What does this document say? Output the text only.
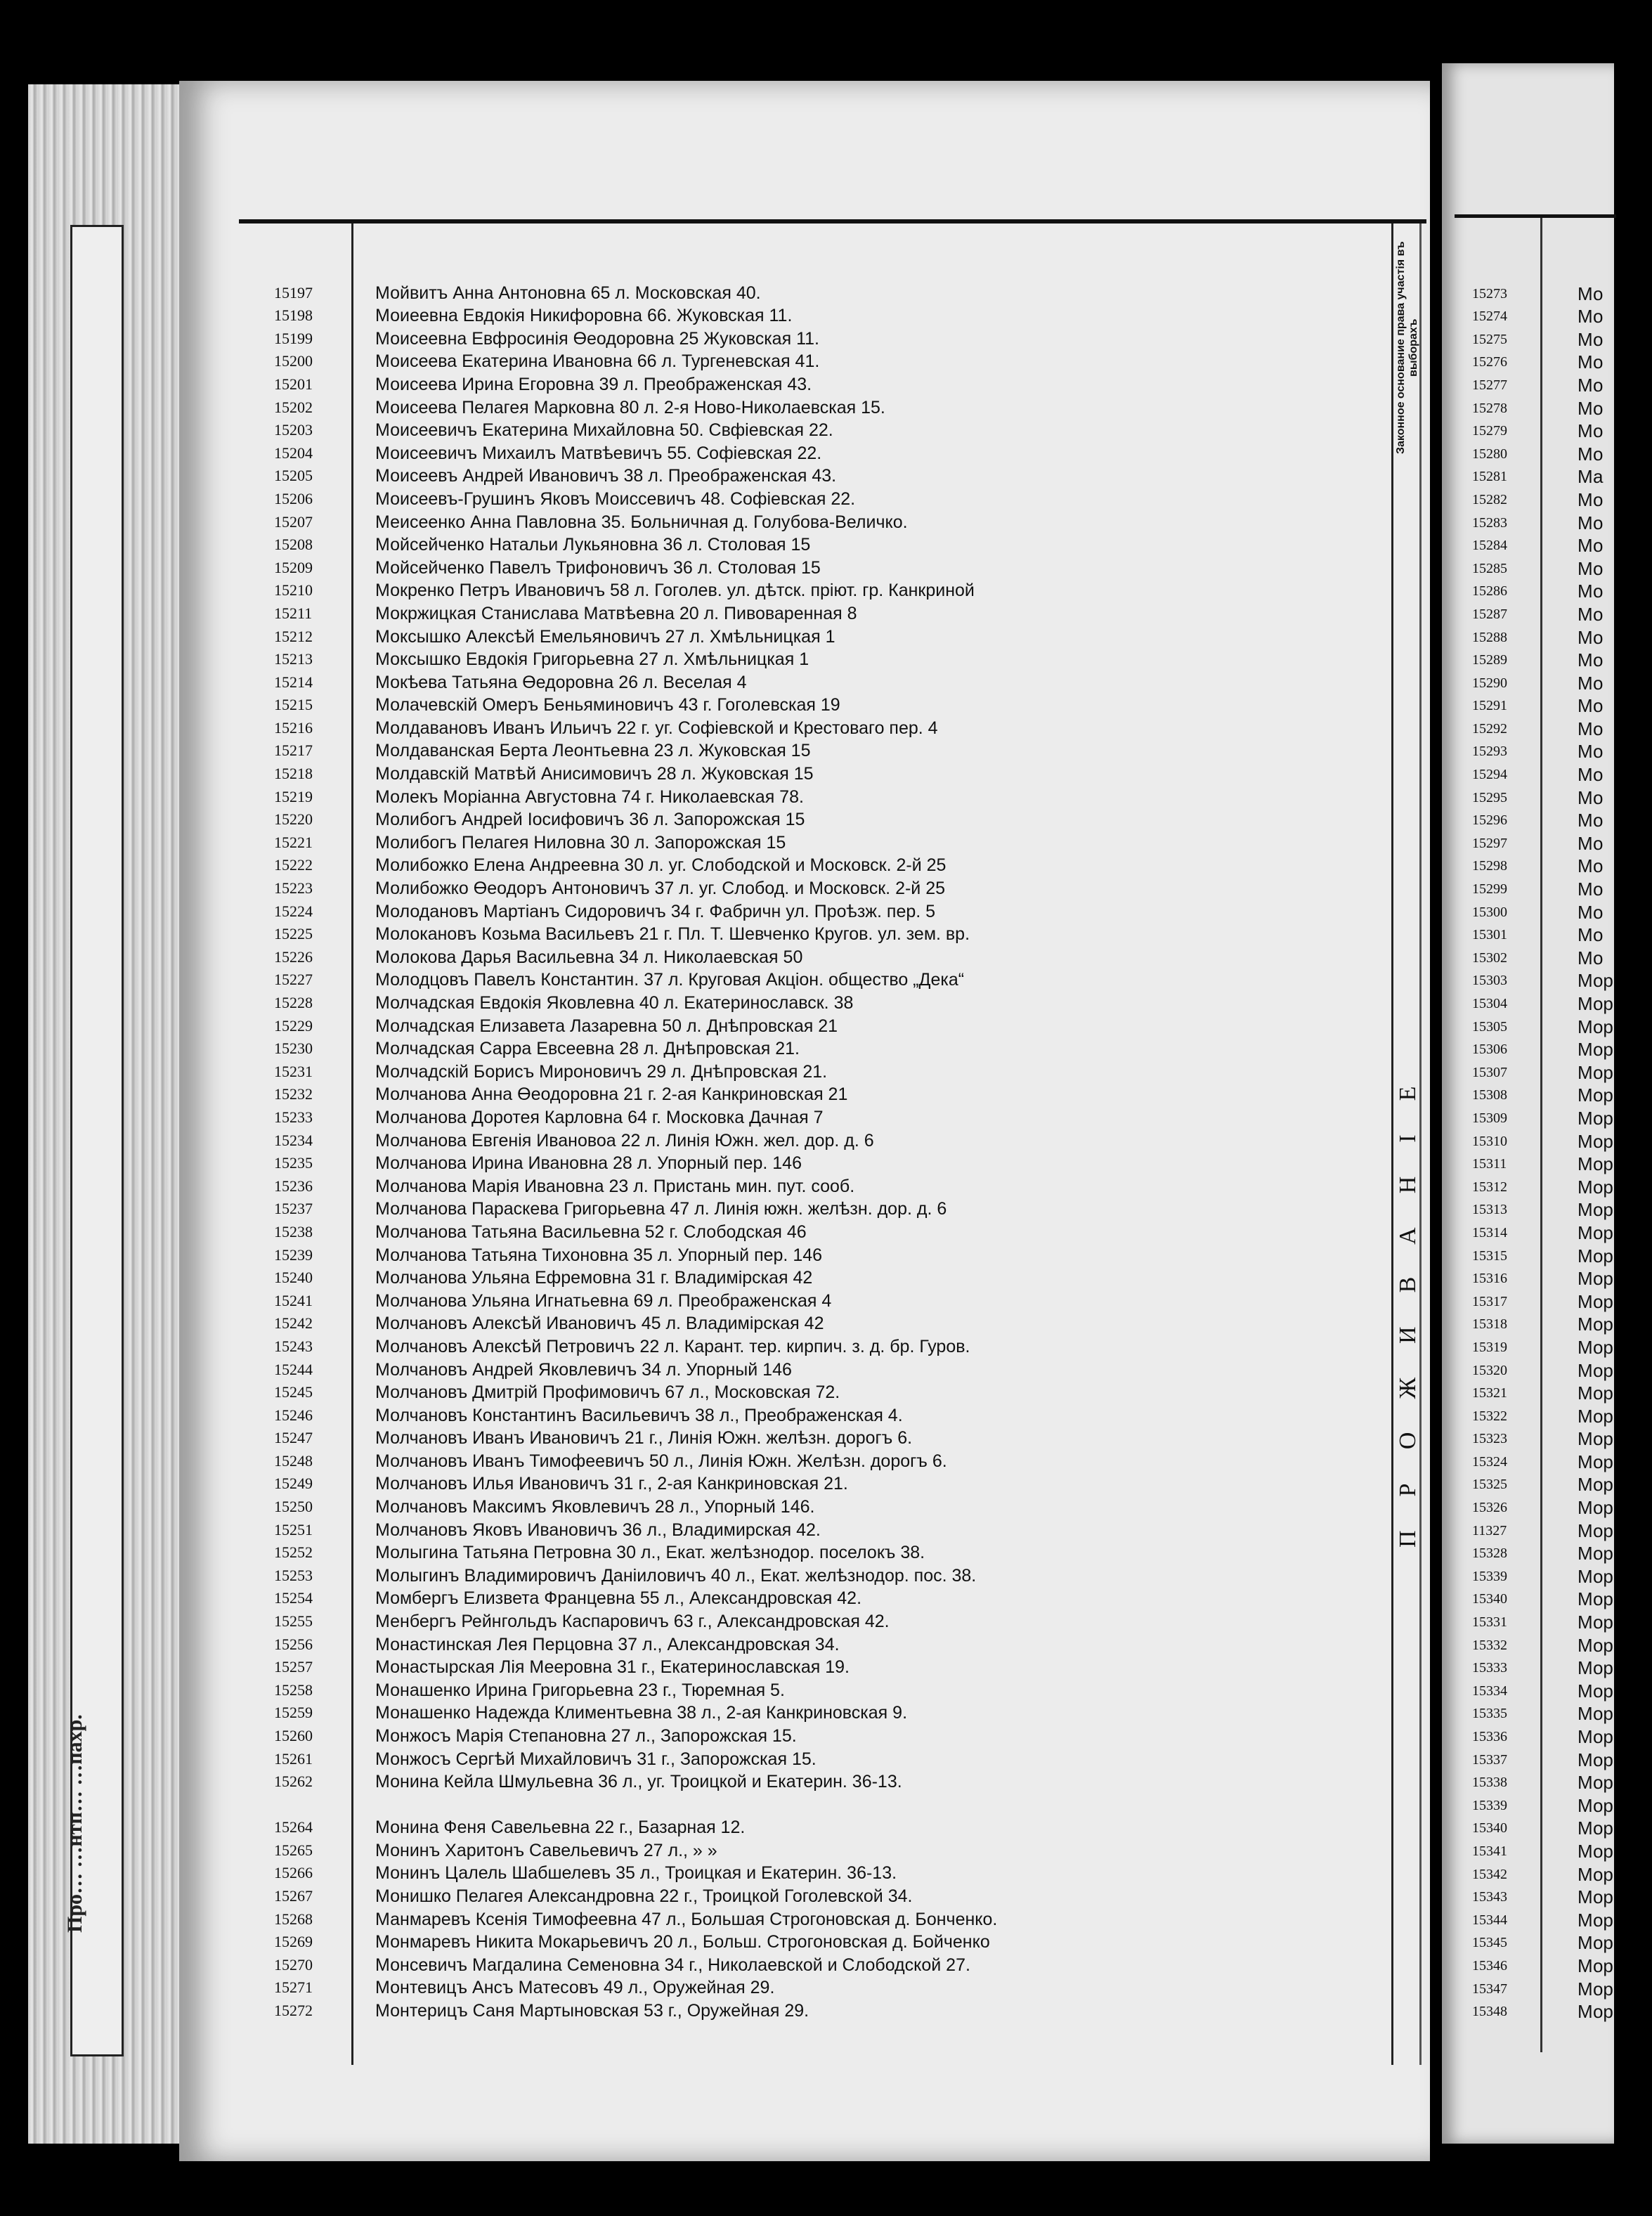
Про… …нтп… …пахр.
Законное основание права участія въ выборахъ
ПРОЖИВАНІЕ
15197	Мойвитъ Анна Антоновна 65 л. Московская 40.
15198	Моиеевна Евдокія Никифоровна 66. Жуковская 11.
15199	Моисеевна Евфросинія Өеодоровна 25 Жуковская 11.
15200	Моисеева Екатерина Ивановна 66 л. Тургеневская 41.
15201	Моисеева Ирина Егоровна 39 л. Преображенская 43.
15202	Моисеева Пелагея Марковна 80 л. 2-я Ново-Николаевская 15.
15203	Моисеевичъ Екатерина Михайловна 50. Свфіевская 22.
15204	Моисеевичъ Михаилъ Матвѣевичъ 55. Софіевская 22.
15205	Моисеевъ Андрей Ивановичъ 38 л. Преображенская 43.
15206	Моисеевъ-Грушинъ Яковъ Моиссевичъ 48. Софіевская 22.
15207	Меисеенко Анна Павловна 35. Больничная д. Голубова-Величко.
15208	Мойсейченко Натальи Лукьяновна 36 л. Столовая 15
15209	Мойсейченко Павелъ Трифоновичъ 36 л. Столовая 15
15210	Мокренко Петръ Ивановичъ 58 л. Гоголев. ул. дѣтск. пріют. гр. Канкриной
15211	Мокржицкая Станислава Матвѣевна 20 л. Пивоваренная 8
15212	Моксышко Алексѣй Емельяновичъ 27 л. Хмѣльницкая 1
15213	Моксышко Евдокія Григорьевна 27 л. Хмѣльницкая 1
15214	Мокѣева Татьяна Өедоровна 26 л. Веселая 4
15215	Молачевскій Омеръ Беньяминовичъ 43 г. Гоголевская 19
15216	Молдавановъ Иванъ Ильичъ 22 г. уг. Софіевской и Крестоваго пер. 4
15217	Молдаванская Берта Леонтьевна 23 л. Жуковская 15
15218	Молдавскій Матвѣй Анисимовичъ 28 л. Жуковская 15
15219	Молекъ Моріанна Августовна 74 г. Николаевская 78.
15220	Молибогъ Андрей Іосифовичъ 36 л. Запорожская 15
15221	Молибогъ Пелагея Ниловна 30 л. Запорожская 15
15222	Молибожко Елена Андреевна 30 л. уг. Слободской и Московск. 2-й 25
15223	Молибожко Өеодоръ Антоновичъ 37 л. уг. Слобод. и Московск. 2-й 25
15224	Молодановъ Мартіанъ Сидоровичъ 34 г. Фабричн ул. Проѣзж. пер. 5
15225	Молокановъ Козьма Васильевъ 21 г. Пл. Т. Шевченко Кругов. ул. зем. вр.
15226	Молокова Дарья Васильевна 34 л. Николаевская 50
15227	Молодцовъ Павелъ Константин. 37 л. Круговая Акціон. общество „Дека“
15228	Молчадская Евдокія Яковлевна 40 л. Екатеринославск. 38
15229	Молчадская Елизавета Лазаревна 50 л. Днѣпровская 21
15230	Молчадская Сарра Евсеевна 28 л. Днѣпровская 21.
15231	Молчадскій Борисъ Мироновичъ 29 л. Днѣпровская 21.
15232	Молчанова Анна Өеодоровна 21 г. 2-ая Канкриновская 21
15233	Молчанова Доротея Карловна 64 г. Московка Дачная 7
15234	Молчанова Евгенія Ивановоа 22 л. Линія Южн. жел. дор. д. 6
15235	Молчанова Ирина Ивановна 28 л. Упорный пер. 146
15236	Молчанова Марія Ивановна 23 л. Пристань мин. пут. сооб.
15237	Молчанова Параскева Григорьевна 47 л. Линія южн. желѣзн. дор. д. 6
15238	Молчанова Татьяна Васильевна 52 г. Слободская 46
15239	Молчанова Татьяна Тихоновна 35 л. Упорный пер. 146
15240	Молчанова Ульяна Ефремовна 31 г. Владимірская 42
15241	Молчанова Ульяна Игнатьевна 69 л. Преображенская 4
15242	Молчановъ Алексѣй Ивановичъ 45 л. Владимірская 42
15243	Молчановъ Алексѣй Петровичъ 22 л. Карант. тер. кирпич. з. д. бр. Гуров.
15244	Молчановъ Андрей Яковлевичъ 34 л. Упорный 146
15245	Молчановъ Дмитрій Профимовичъ 67 л., Московская 72.
15246	Молчановъ Константинъ Васильевичъ 38 л., Преображенская 4.
15247	Молчановъ Иванъ Ивановичъ 21 г., Линія Южн. желѣзн. дорогъ 6.
15248	Молчановъ Иванъ Тимофеевичъ 50 л., Линія Южн. Желѣзн. дорогъ 6.
15249	Молчановъ Илья Ивановичъ 31 г., 2-ая Канкриновская 21.
15250	Молчановъ Максимъ Яковлевичъ 28 л., Упорный 146.
15251	Молчановъ Яковъ Ивановичъ 36 л., Владимирская 42.
15252	Молыгина Татьяна Петровна 30 л., Екат. желѣзнодор. поселокъ 38.
15253	Молыгинъ Владимировичъ Даніиловичъ 40 л., Екат. желѣзнодор. пос. 38.
15254	Момбергъ Елизвета Францевна 55 л., Александровская 42.
15255	Менбергъ Рейнгольдъ Каспаровичъ 63 г., Александровская 42.
15256	Монастинская Лея Перцовна 37 л., Александровская 34.
15257	Монастырская Лія Меерoвна 31 г., Екатеринославская 19.
15258	Монашенко Ирина Григорьевна 23 г., Тюремная 5.
15259	Монашенко Надежда Климентьевна 38 л., 2-ая Канкриновская 9.
15260	Монжосъ Марія Степановна 27 л., Запорожская 15.
15261	Монжосъ Сергѣй Михайловичъ 31 г., Запорожская 15.
15262	Монина Кейла Шмульевна 36 л., уг. Троицкой и Екатерин. 36-13.
15264	Монина Феня Савельевна 22 г., Базарная 12.
15265	Монинъ Харитонъ Савельевичъ 27 л., » »
15266	Монинъ Цалель Шабшелевъ 35 л., Троицкая и Екатерин. 36-13.
15267	Монишко Пелагея Александровна 22 г., Троицкой Гоголевской 34.
15268	Манмаревъ Ксенія Тимофеевна 47 л., Большая Строгоновская д. Бонченко.
15269	Монмаревъ Никита Мокарьевичъ 20 л., Больш. Строгоновская д. Бойченко
15270	Монсевичъ Магдалина Семеновна 34 г., Николаевской и Слободской 27.
15271	Монтевицъ Ансъ Матесовъ 49 л., Оружейная 29.
15272	Монтерицъ Саня Мартыновская 53 г., Оружейная 29.
15273	Мо
15274	Мо
15275	Мо
15276	Мо
15277	Мо
15278	Мо
15279	Мо
15280	Мо
15281	Ма
15282	Мо
15283	Мо
15284	Мо
15285	Мо
15286	Мо
15287	Мо
15288	Мо
15289	Мо
15290	Мо
15291	Мо
15292	Мо
15293	Мо
15294	Мо
15295	Мо
15296	Мо
15297	Мо
15298	Мо
15299	Мо
15300	Мо
15301	Мо
15302	Мо
15303	Мор
15304	Мор
15305	Мор
15306	Мор
15307	Мор
15308	Мор
15309	Мор
15310	Мор
15311	Мор
15312	Мор
15313	Мор
15314	Мор
15315	Мор
15316	Мор
15317	Мор
15318	Мор
15319	Мор
15320	Мор
15321	Мор
15322	Мор
15323	Мор
15324	Мор
15325	Мор
15326	Мор
11327	Мор
15328	Мор
15339	Мор
15340	Мор
15331	Мор
15332	Мор
15333	Мор
15334	Мор
15335	Мор
15336	Мор
15337	Мор
15338	Мор
15339	Мор
15340	Мор
15341	Мор
15342	Мор
15343	Мор
15344	Мор
15345	Мор
15346	Мор
15347	Мор
15348	Мор
